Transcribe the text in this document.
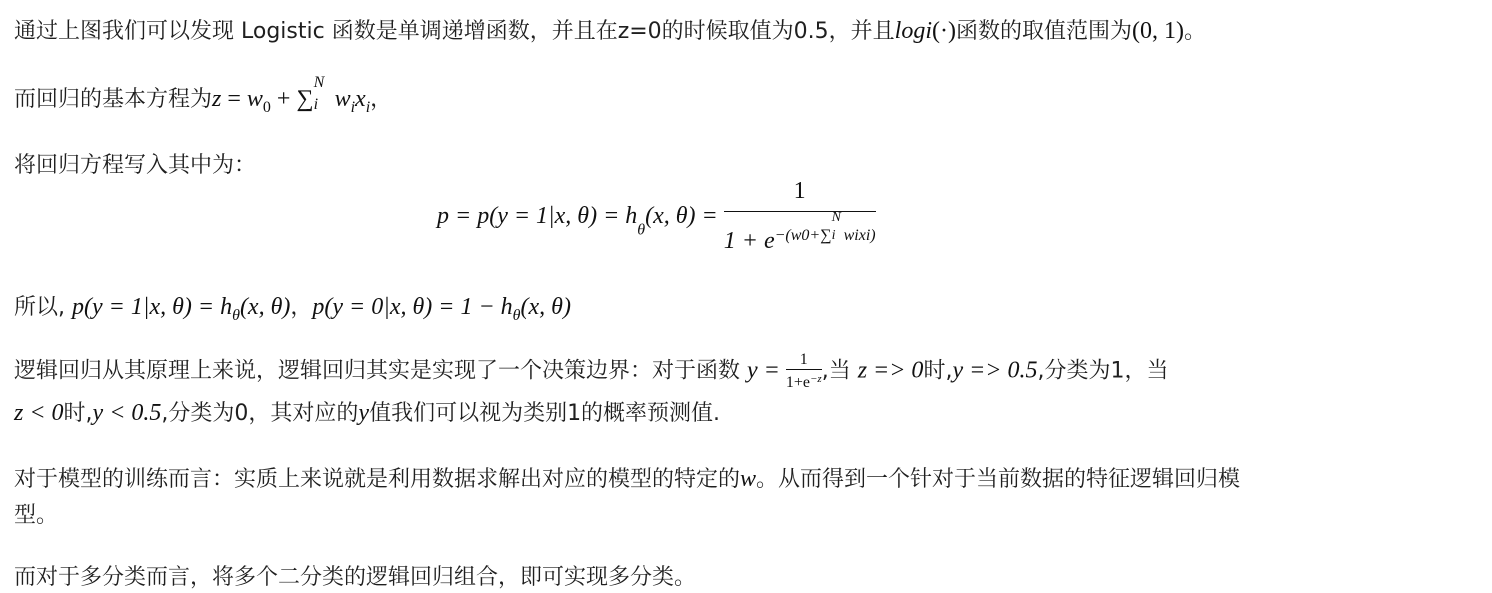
通过上图我们可以发现 Logistic 函数是单调递增函数，并且在z=0的时候取值为0.5，并且logi(·)函数的取值范围为(0, 1)。
而回归的基本方程为$z = w_0$ + ∑
N
i $w_ix_i$，
将回归方程写入其中为：
p = p(y = 1|x, $\theta) = h_\theta(x$, θ) = 1
$1 + e^{-(w0+\sum}$
N
i $^{wixi)}$
所以, p(y = 1|x, $\theta) = h_\theta(x$, θ)，p(y = 0|x, $\theta) = 1 - h_\theta(x$, θ)
逻辑回归从其原理上来说，逻辑回归其实是实现了一个决策边界：对于函数 $y = \frac{1}{1+e^{-z}}$ ,当 z => 0时,y => 0.5,分类为1，当
z < 0时,y < 0.5,分类为0，其对应的y值我们可以视为类别1的概率预测值.
对于模型的训练而言：实质上来说就是利用数据求解出对应的模型的特定的w。从而得到一个针对于当前数据的特征逻辑回归模
型。
而对于多分类而言，将多个二分类的逻辑回归组合，即可实现多分类。
